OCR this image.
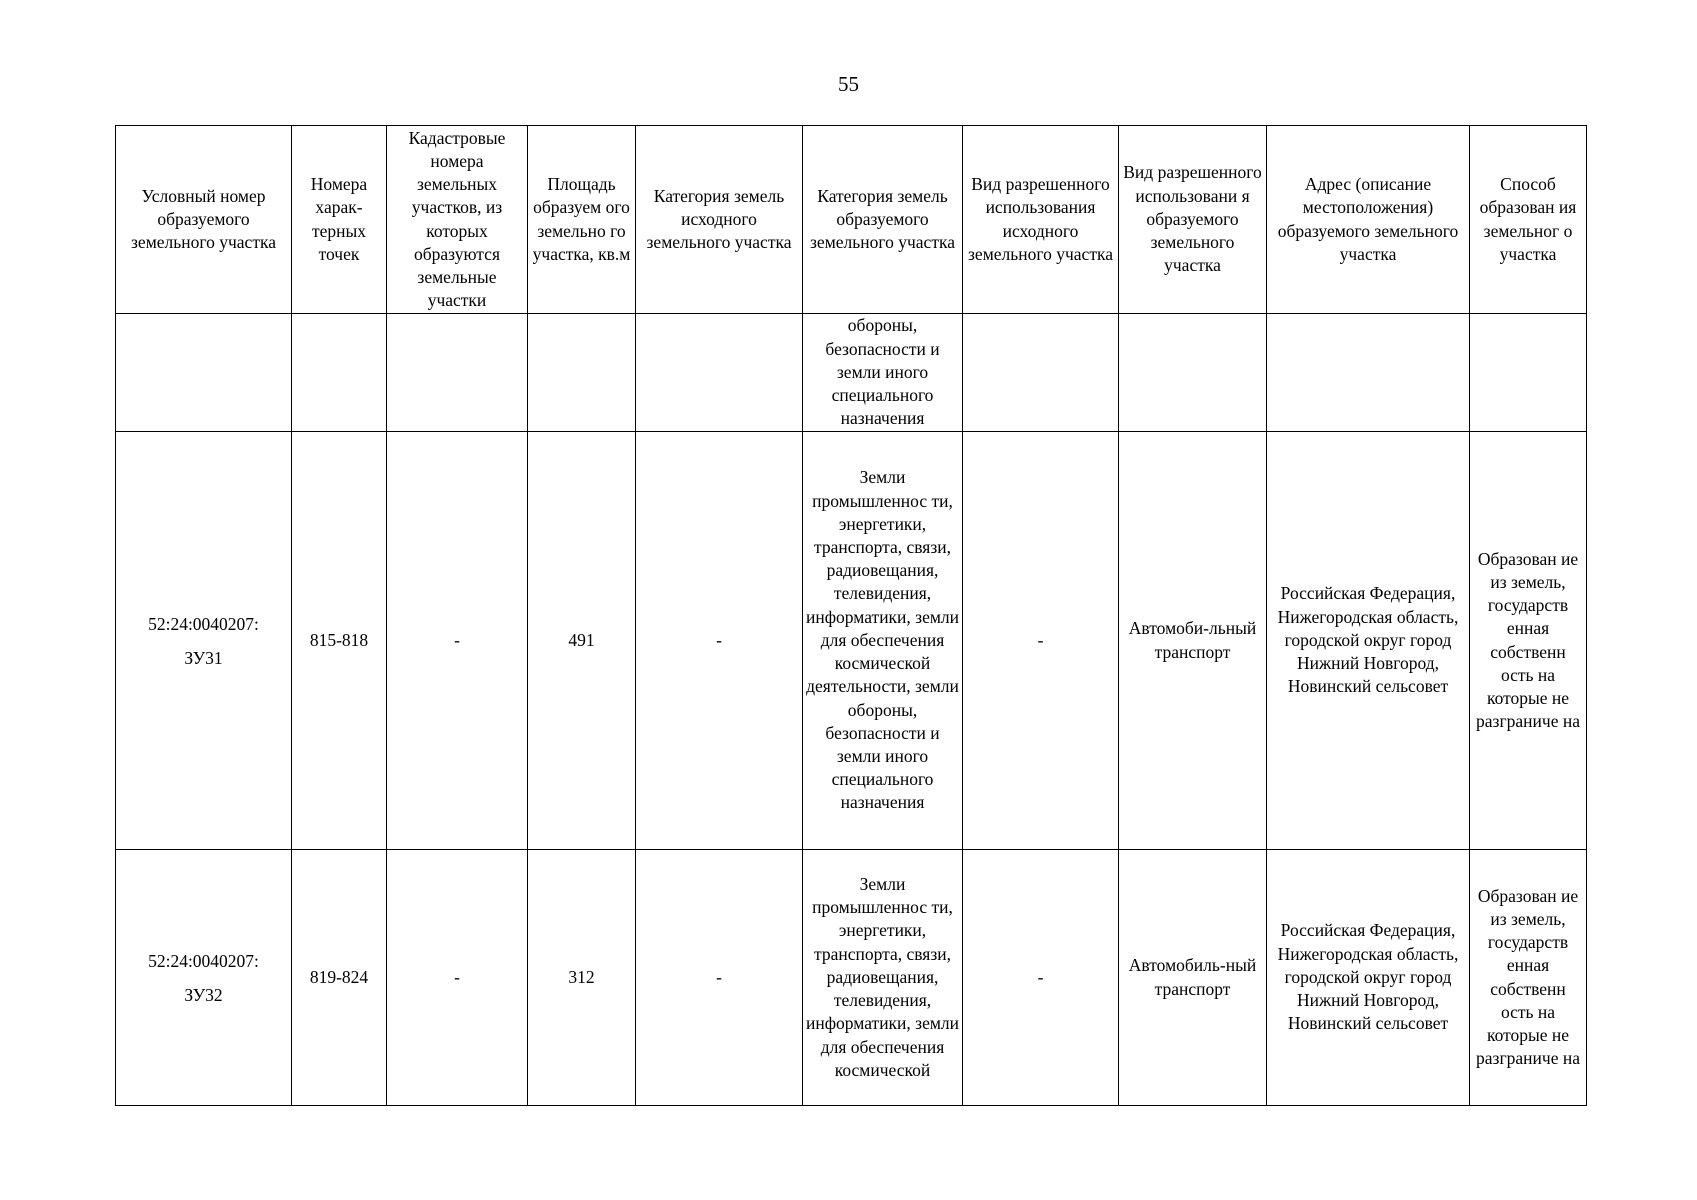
55
Условный номер образуемого земельного участка	Номера харак-терных точек	Кадастровые номера земельных участков, из которых образуются земельные участки	Площадь образуем ого земельно го участка, кв.м	Категория земель исходного земельного участка	Категория земель образуемого земельного участка	Вид разрешенного использования исходного земельного участка	Вид разрешенного использовани я образуемого земельного участка	Адрес (описание местоположения) образуемого земельного участка	Способ образован ия земельног о участка
					обороны, безопасности и земли иного специального назначения				
52:24:0040207:
ЗУ31	815-818	-	491	-	Земли промышленнос ти, энергетики, транспорта, связи, радиовещания, телевидения, информатики, земли для обеспечения космической деятельности, земли обороны, безопасности и земли иного специального назначения	-	Автомоби-льный транспорт	Российская Федерация, Нижегородская область, городской округ город Нижний Новгород, Новинский сельсовет	Образован ие из земель, государств енная собственн ость на которые не разграниче на
52:24:0040207:
ЗУ32	819-824	-	312	-	Земли промышленнос ти, энергетики, транспорта, связи, радиовещания, телевидения, информатики, земли для обеспечения космической	-	Автомобиль-ный транспорт	Российская Федерация, Нижегородская область, городской округ город Нижний Новгород, Новинский сельсовет	Образован ие из земель, государств енная собственн ость на которые не разграниче на
